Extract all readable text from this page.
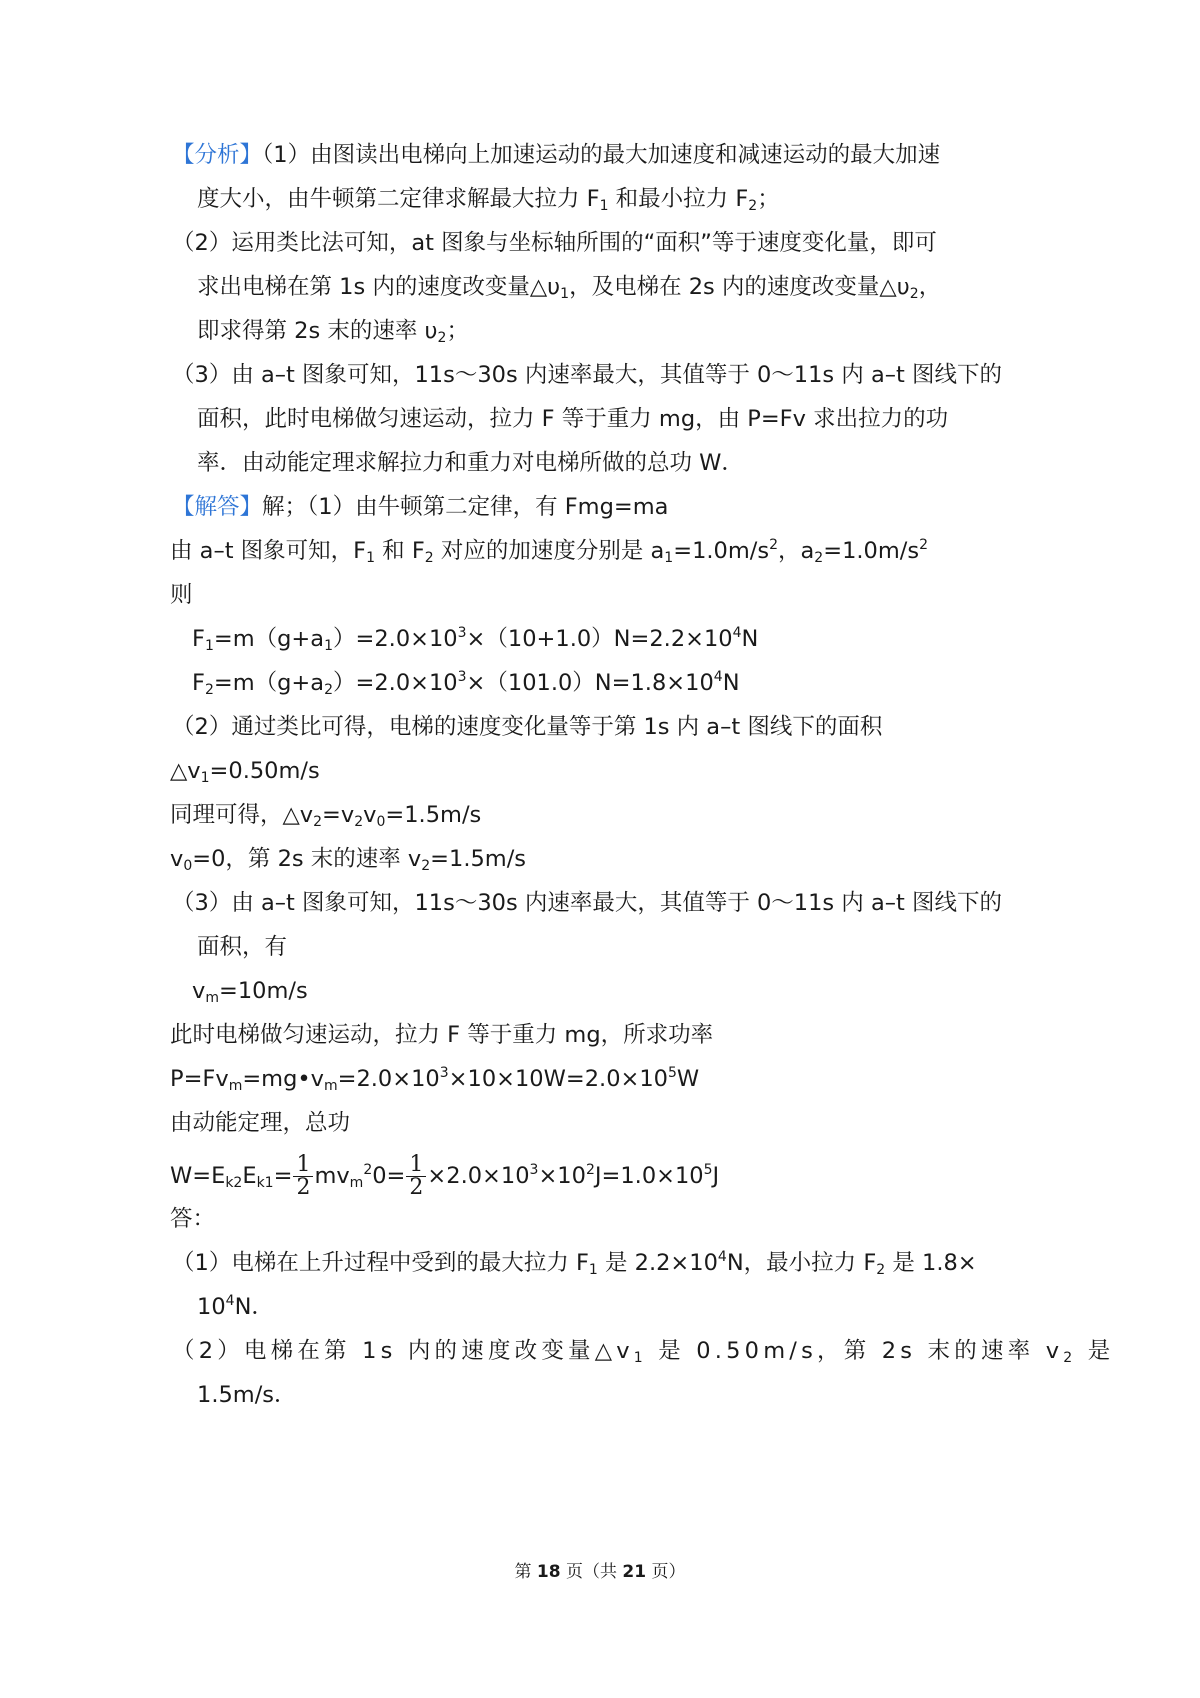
【分析】（1）由图读出电梯向上加速运动的最大加速度和减速运动的最大加速
度大小，由牛顿第二定律求解最大拉力 $F_1$ 和最小拉力 $F_2$；
（2）运用类比法可知，a﻿t 图象与坐标轴所围的“面积”等于速度变化量，即可
求出电梯在第 1s 内的速度改变量$\triangle\upsilon_1$，及电梯在 2s 内的速度改变量$\triangle\upsilon_2$，
即求得第 2s 末的速率 $\upsilon_2$；
（3）由 a–t 图象可知，11s～30s 内速率最大，其值等于 0～11s 内 a–t 图线下的
面积，此时电梯做匀速运动，拉力 F 等于重力 mg，由 P=Fv 求出拉力的功
率．由动能定理求解拉力和重力对电梯所做的总功 W．
【解答】解；（1）由牛顿第二定律，有 F﻿mg=ma
由 a–t 图象可知，$F_1$ 和 $F_2$ 对应的加速度分别是 $a_1=1.0m/s^2$，$a_2=﻿1.0m/s^2$
则
$F_1=m(g+a_1)=2.0\times 10^3\times(10+1.0)N=2.2\times 10^4N$
$F_2=m(g+a_2)=2.0\times 10^3\times(10﻿1.0)N=1.8\times 10^4N$
（2）通过类比可得，电梯的速度变化量等于第 1s 内 a–t 图线下的面积
$\triangle v_1=0.50m/s$
同理可得，$\triangle v_2=v_2﻿v_0=1.5m/s$
$v_0=0$，第 2s 末的速率 $v_2=1.5m/s$
（3）由 a–t 图象可知，11s～30s 内速率最大，其值等于 0～11s 内 a–t 图线下的
面积，有
$v_m=10m/s$
此时电梯做匀速运动，拉力 F 等于重力 mg，所求功率
$P=Fv_m=mg•v_m=2.0\times 10^3\times 10\times 10W=2.0\times 10^5W$
由动能定理，总功
$W=E_{k2}﻿E_{k1}= \frac{1}{2}$ $mv_m^2﻿0= \frac{1}{2} \times 2.0\times 10^3\times 10^2J=1.0\times 10^5J$
答：
（1）电梯在上升过程中受到的最大拉力 $F_1$ 是 $2.2\times 10^4N$，最小拉力 $F_2$ 是 1.8×
$10^4N$．
（2）电梯在第 1s 内的速度改变量$\triangle v_1$ 是 0.50m/s，第 2s 末的速率 $v_2$ 是
1.5m/s．
第 18 页（共 21 页）
